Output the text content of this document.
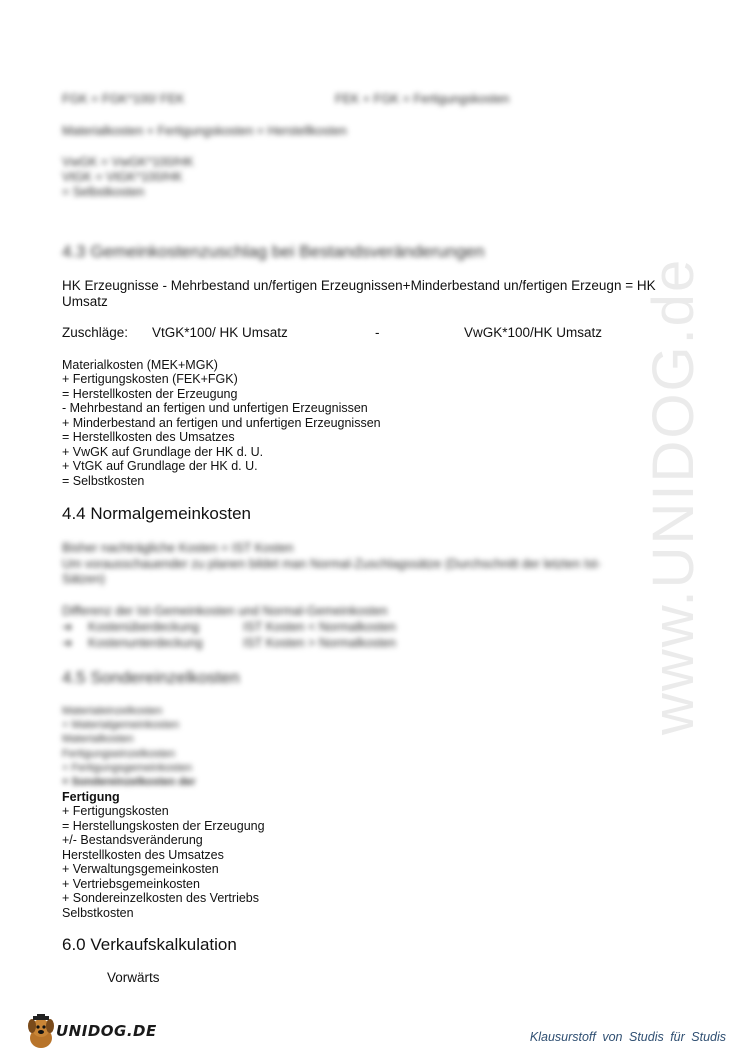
www.UNIDOG.de
FGK = FGK*100/ FEK	FEK + FGK = Fertigungskosten
Materialkosten + Fertigungskosten = Herstellkosten
VwGK = VwGK*100/HK
VtGK = VtGK*100/HK
= Selbstkosten
4.3 Gemeinkostenzuschlag bei Bestandsveränderungen
HK Erzeugnisse - Mehrbestand un/fertigen Erzeugnissen+Minderbestand un/fertigen Erzeugn = HK
Umsatz
Zuschläge: VtGK*100/ HK Umsatz	-	VwGK*100/HK Umsatz
Materialkosten (MEK+MGK)
+ Fertigungskosten (FEK+FGK)
= Herstellkosten der Erzeugung
- Mehrbestand an fertigen und unfertigen Erzeugnissen
+ Minderbestand an fertigen und unfertigen Erzeugnissen
= Herstellkosten des Umsatzes
+ VwGK auf Grundlage der HK d. U.
+ VtGK auf Grundlage der HK d. U.
= Selbstkosten
4.4 Normalgemeinkosten
Bisher nachträgliche Kosten = IST Kosten
Um vorausschauender zu planen bildet man Normal-Zuschlagssätze (Durchschnitt der letzten Ist-
Sätzen)
Differenz der Ist-Gemeinkosten und Normal-Gemeinkosten
➔ Kostenüberdeckung	IST Kosten < Normalkosten
➔ Kostenunterdeckung	IST Kosten > Normalkosten
4.5 Sondereinzelkosten
Materialeinzelkosten
+ Materialgemeinkosten
Materialkosten
Fertigungseinzelkosten
+ Fertigungsgemeinkosten
+ Sondereinzelkosten der
Fertigung
+ Fertigungskosten
= Herstellungskosten der Erzeugung
+/- Bestandsveränderung
Herstellkosten des Umsatzes
+ Verwaltungsgemeinkosten
+ Vertriebsgemeinkosten
+ Sondereinzelkosten des Vertriebs
Selbstkosten
6.0 Verkaufskalkulation
Vorwärts
UNIDOG.DE	Klausurstoff von Studis für Studis
